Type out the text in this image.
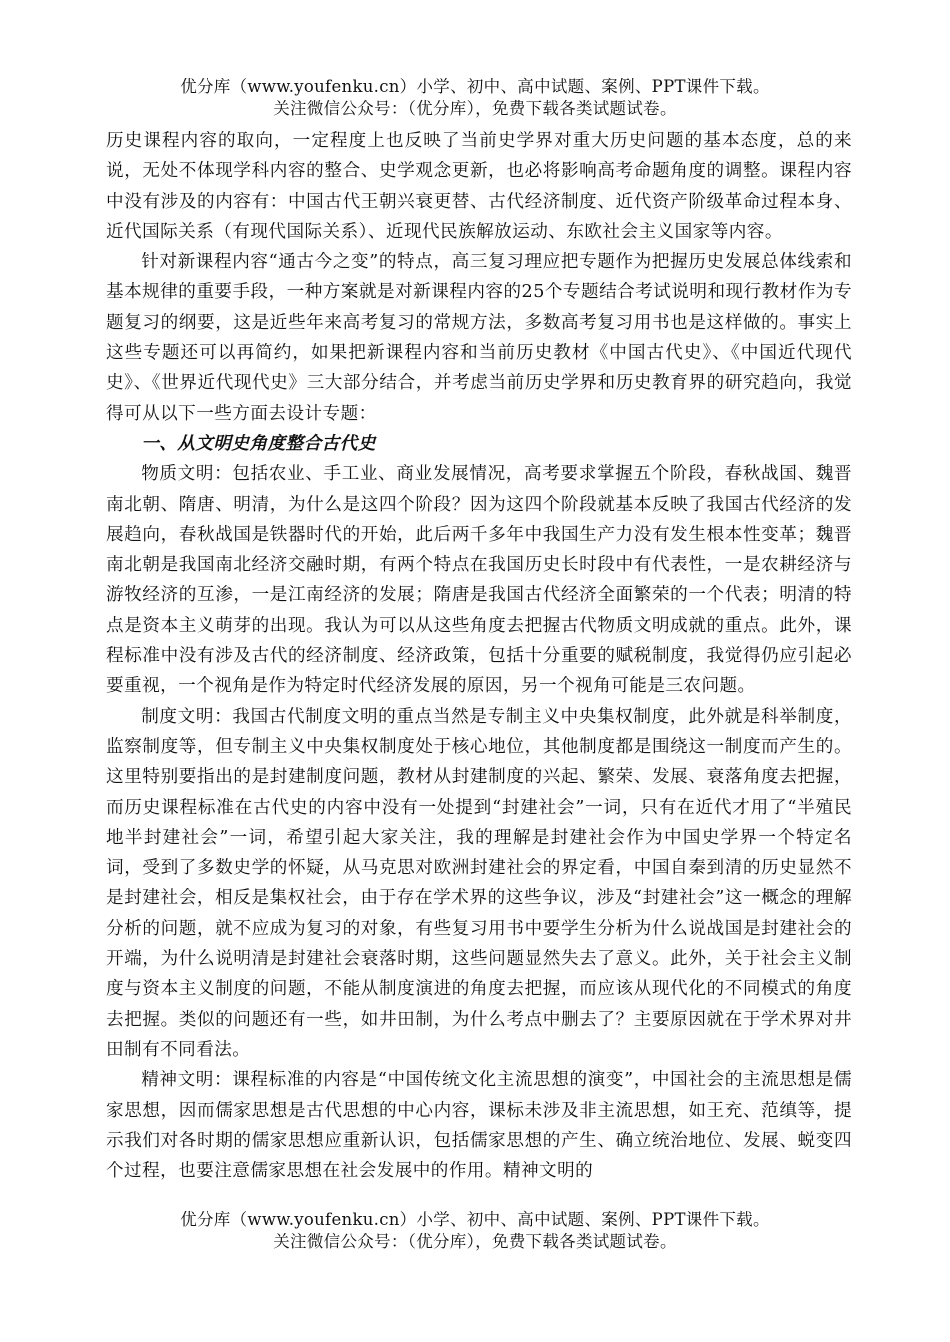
优分库（www.youfenku.cn）小学、初中、高中试题、案例、PPT课件下载。
关注微信公众号：（优分库），免费下载各类试题试卷。

历史课程内容的取向，一定程度上也反映了当前史学界对重大历史问题的基本态度，总的来说，无处不体现学科内容的整合、史学观念更新，也必将影响高考命题角度的调整。课程内容中没有涉及的内容有：中国古代王朝兴衰更替、古代经济制度、近代资产阶级革命过程本身、近代国际关系（有现代国际关系）、近现代民族解放运动、东欧社会主义国家等内容。

针对新课程内容“通古今之变”的特点，高三复习理应把专题作为把握历史发展总体线索和基本规律的重要手段，一种方案就是对新课程内容的25个专题结合考试说明和现行教材作为专题复习的纲要，这是近些年来高考复习的常规方法，多数高考复习用书也是这样做的。事实上这些专题还可以再简约，如果把新课程内容和当前历史教材《中国古代史》、《中国近代现代史》、《世界近代现代史》三大部分结合，并考虑当前历史学界和历史教育界的研究趋向，我觉得可从以下一些方面去设计专题：

一、从文明史角度整合古代史

物质文明：包括农业、手工业、商业发展情况，高考要求掌握五个阶段，春秋战国、魏晋南北朝、隋唐、明清，为什么是这四个阶段？因为这四个阶段就基本反映了我国古代经济的发展趋向，春秋战国是铁器时代的开始，此后两千多年中我国生产力没有发生根本性变革；魏晋南北朝是我国南北经济交融时期，有两个特点在我国历史长时段中有代表性，一是农耕经济与游牧经济的互渗，一是江南经济的发展；隋唐是我国古代经济全面繁荣的一个代表；明清的特点是资本主义萌芽的出现。我认为可以从这些角度去把握古代物质文明成就的重点。此外，课程标准中没有涉及古代的经济制度、经济政策，包括十分重要的赋税制度，我觉得仍应引起必要重视，一个视角是作为特定时代经济发展的原因，另一个视角可能是三农问题。

制度文明：我国古代制度文明的重点当然是专制主义中央集权制度，此外就是科举制度，监察制度等，但专制主义中央集权制度处于核心地位，其他制度都是围绕这一制度而产生的。这里特别要指出的是封建制度问题，教材从封建制度的兴起、繁荣、发展、衰落角度去把握，而历史课程标准在古代史的内容中没有一处提到“封建社会”一词，只有在近代才用了“半殖民地半封建社会”一词，希望引起大家关注，我的理解是封建社会作为中国史学界一个特定名词，受到了多数史学的怀疑，从马克思对欧洲封建社会的界定看，中国自秦到清的历史显然不是封建社会，相反是集权社会，由于存在学术界的这些争议，涉及“封建社会”这一概念的理解分析的问题，就不应成为复习的对象，有些复习用书中要学生分析为什么说战国是封建社会的开端，为什么说明清是封建社会衰落时期，这些问题显然失去了意义。此外，关于社会主义制度与资本主义制度的问题，不能从制度演进的角度去把握，而应该从现代化的不同模式的角度去把握。类似的问题还有一些，如井田制，为什么考点中删去了？主要原因就在于学术界对井田制有不同看法。

精神文明：课程标准的内容是“中国传统文化主流思想的演变”，中国社会的主流思想是儒家思想，因而儒家思想是古代思想的中心内容，课标未涉及非主流思想，如王充、范缜等，提示我们对各时期的儒家思想应重新认识，包括儒家思想的产生、确立统治地位、发展、蜕变四个过程，也要注意儒家思想在社会发展中的作用。精神文明的

优分库（www.youfenku.cn）小学、初中、高中试题、案例、PPT课件下载。
关注微信公众号：（优分库），免费下载各类试题试卷。
